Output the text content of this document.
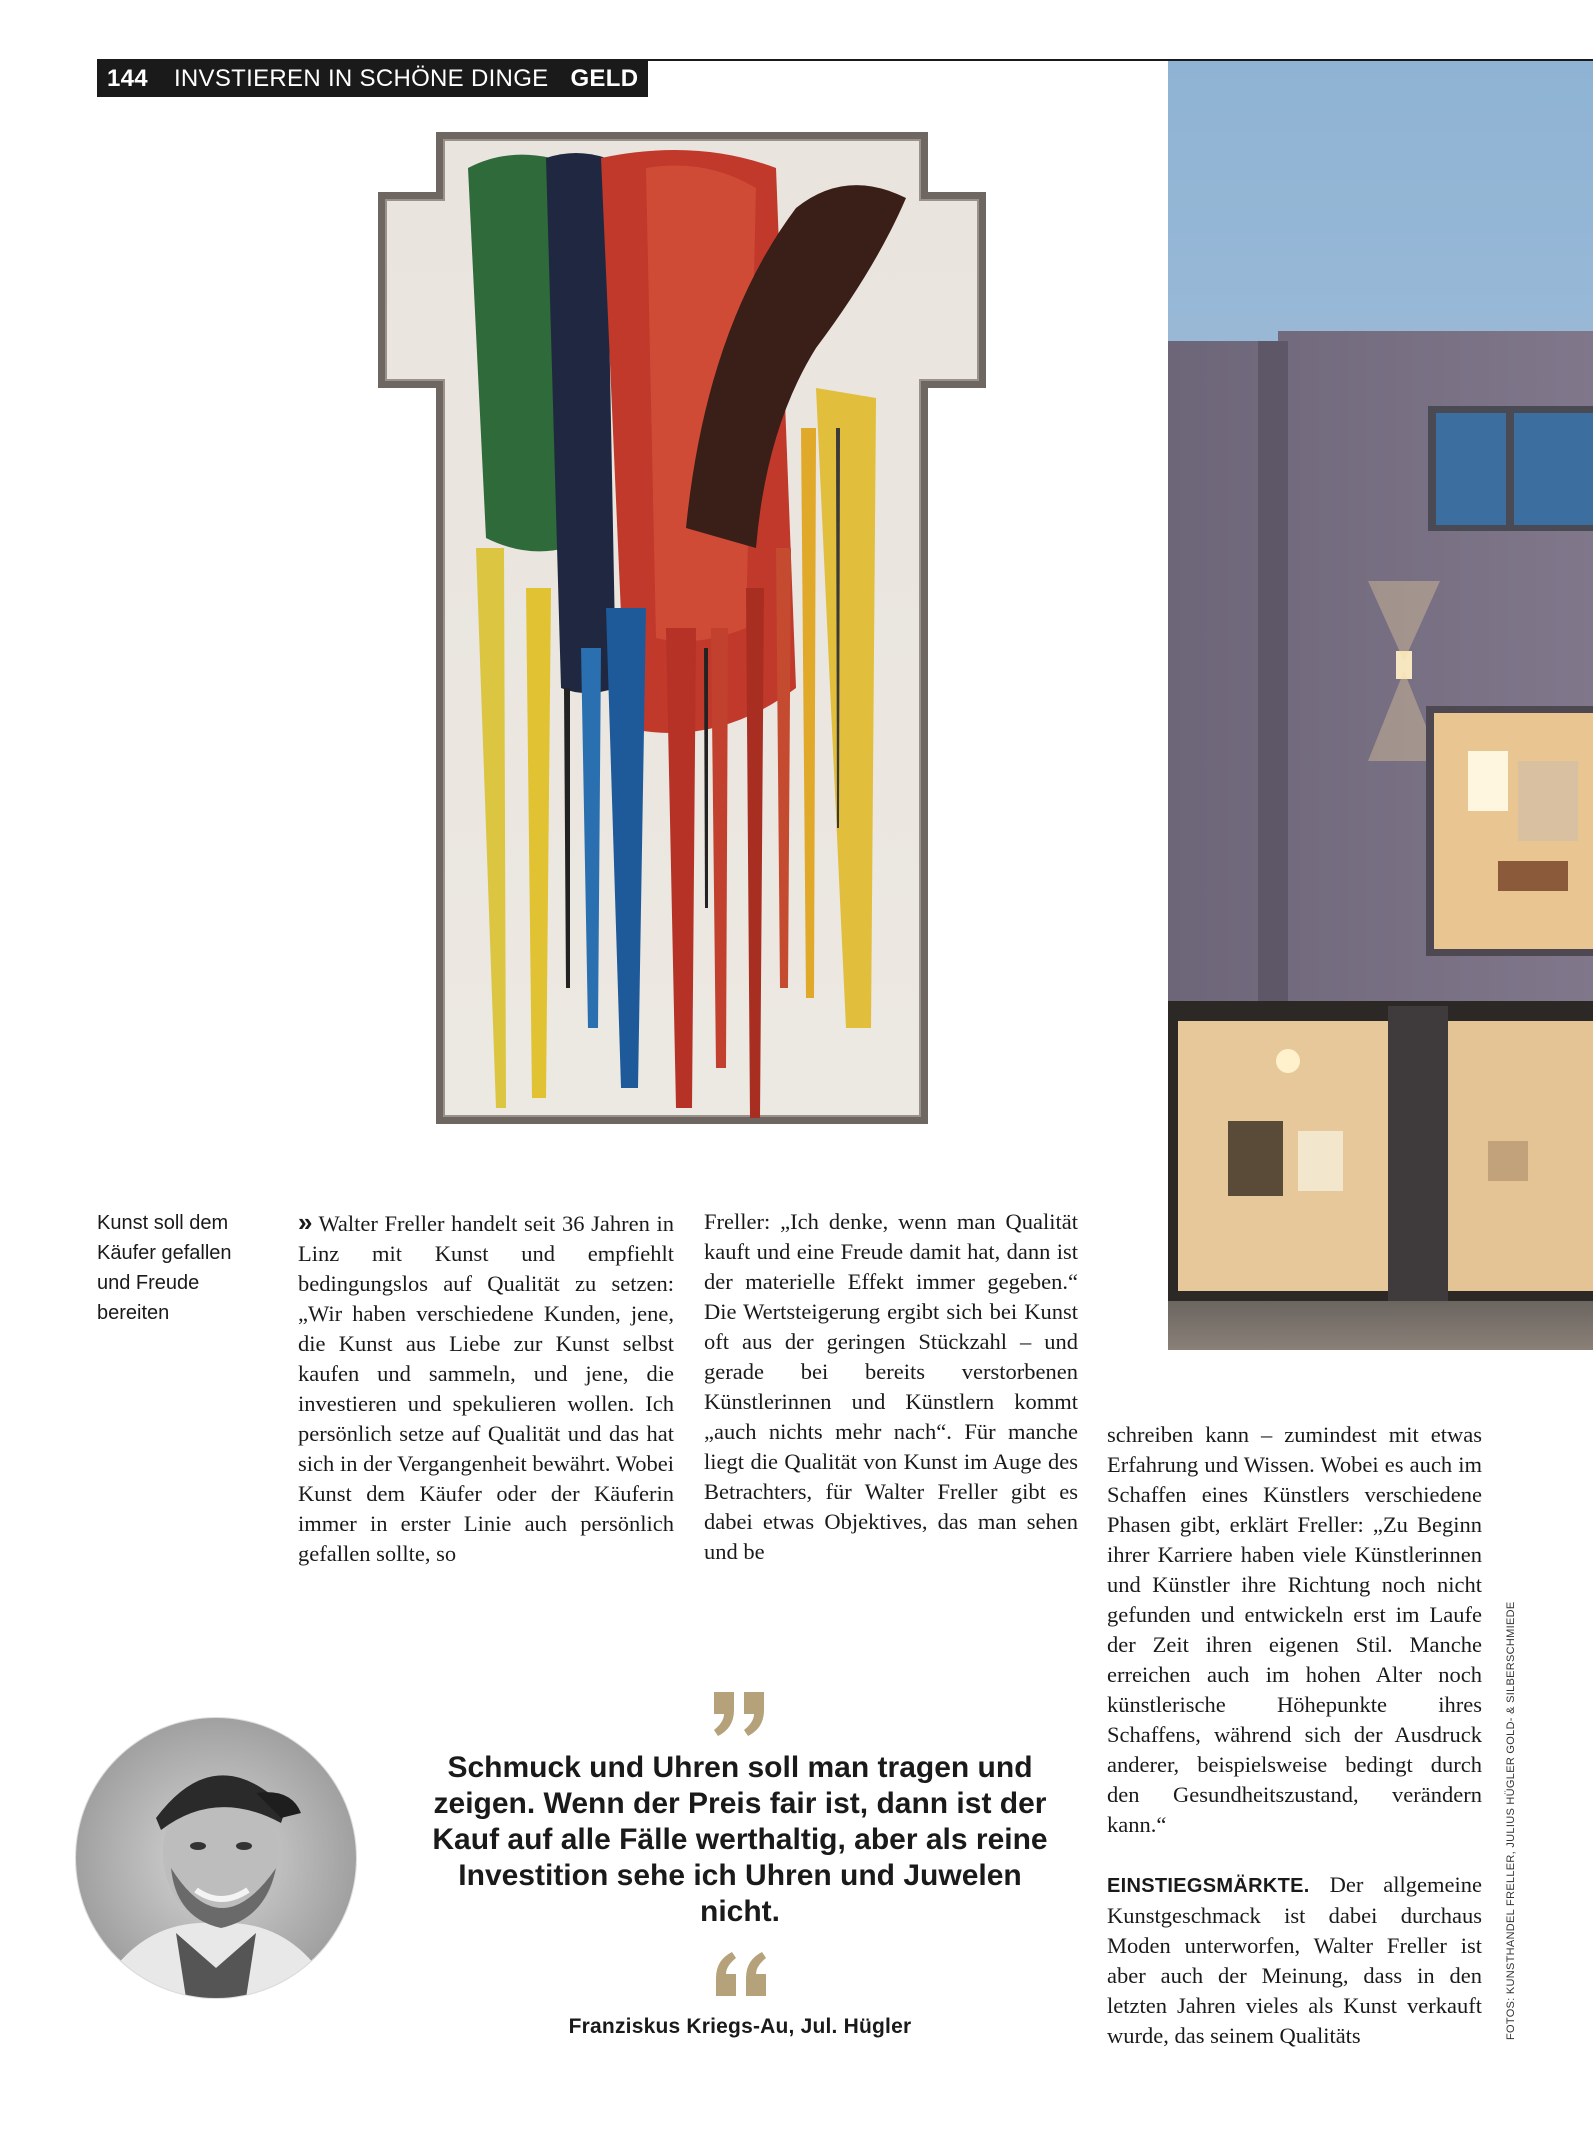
144 INVSTIEREN IN SCHÖNE DINGE GELD
Kunst soll dem Käufer gefallen und Freude bereiten

» Walter Freller handelt seit 36 Jahren in Linz mit Kunst und empfiehlt bedingungslos auf Qualität zu setzen: „Wir haben verschiedene Kunden, jene, die Kunst aus Liebe zur Kunst selbst kaufen und sammeln, und jene, die investieren und spekulieren wollen. Ich persönlich setze auf Qualität und das hat sich in der Vergangenheit bewährt. Wobei Kunst dem Käufer oder der Käuferin immer in erster Linie auch persönlich gefallen sollte, so

Freller: „Ich denke, wenn man Qualität kauft und eine Freude damit hat, dann ist der materielle Effekt immer gegeben.“ Die Wertsteigerung ergibt sich bei Kunst oft aus der geringen Stückzahl – und gerade bei bereits verstorbenen Künstlerinnen und Künstlern kommt „auch nichts mehr nach“. Für manche liegt die Qualität von Kunst im Auge des Betrachters, für Walter Freller gibt es dabei etwas Objektives, das man sehen und be

schreiben kann – zumindest mit etwas Erfahrung und Wissen. Wobei es auch im Schaffen eines Künstlers verschiedene Phasen gibt, erklärt Freller: „Zu Beginn ihrer Karriere haben viele Künstlerinnen und Künstler ihre Richtung noch nicht gefunden und entwickeln erst im Laufe der Zeit ihren eigenen Stil. Manche erreichen auch im hohen Alter noch künstlerische Höhepunkte ihres Schaffens, während sich der Ausdruck anderer, beispielsweise bedingt durch den Gesundheitszustand, verändern kann.“

EINSTIEGSMÄRKTE. Der allgemeine Kunstgeschmack ist dabei durchaus Moden unterworfen, Walter Freller ist aber auch der Meinung, dass in den letzten Jahren vieles als Kunst verkauft wurde, das seinem Qualitäts

Schmuck und Uhren soll man tragen und zeigen. Wenn der Preis fair ist, dann ist der Kauf auf alle Fälle werthaltig, aber als reine Investition sehe ich Uhren und Juwelen nicht.
Franziskus Kriegs-Au, Jul. Hügler	FOTOS: KUNSTHANDEL FRELLER, JULIUS HÜGLER GOLD- & SILBERSCHMIEDE
